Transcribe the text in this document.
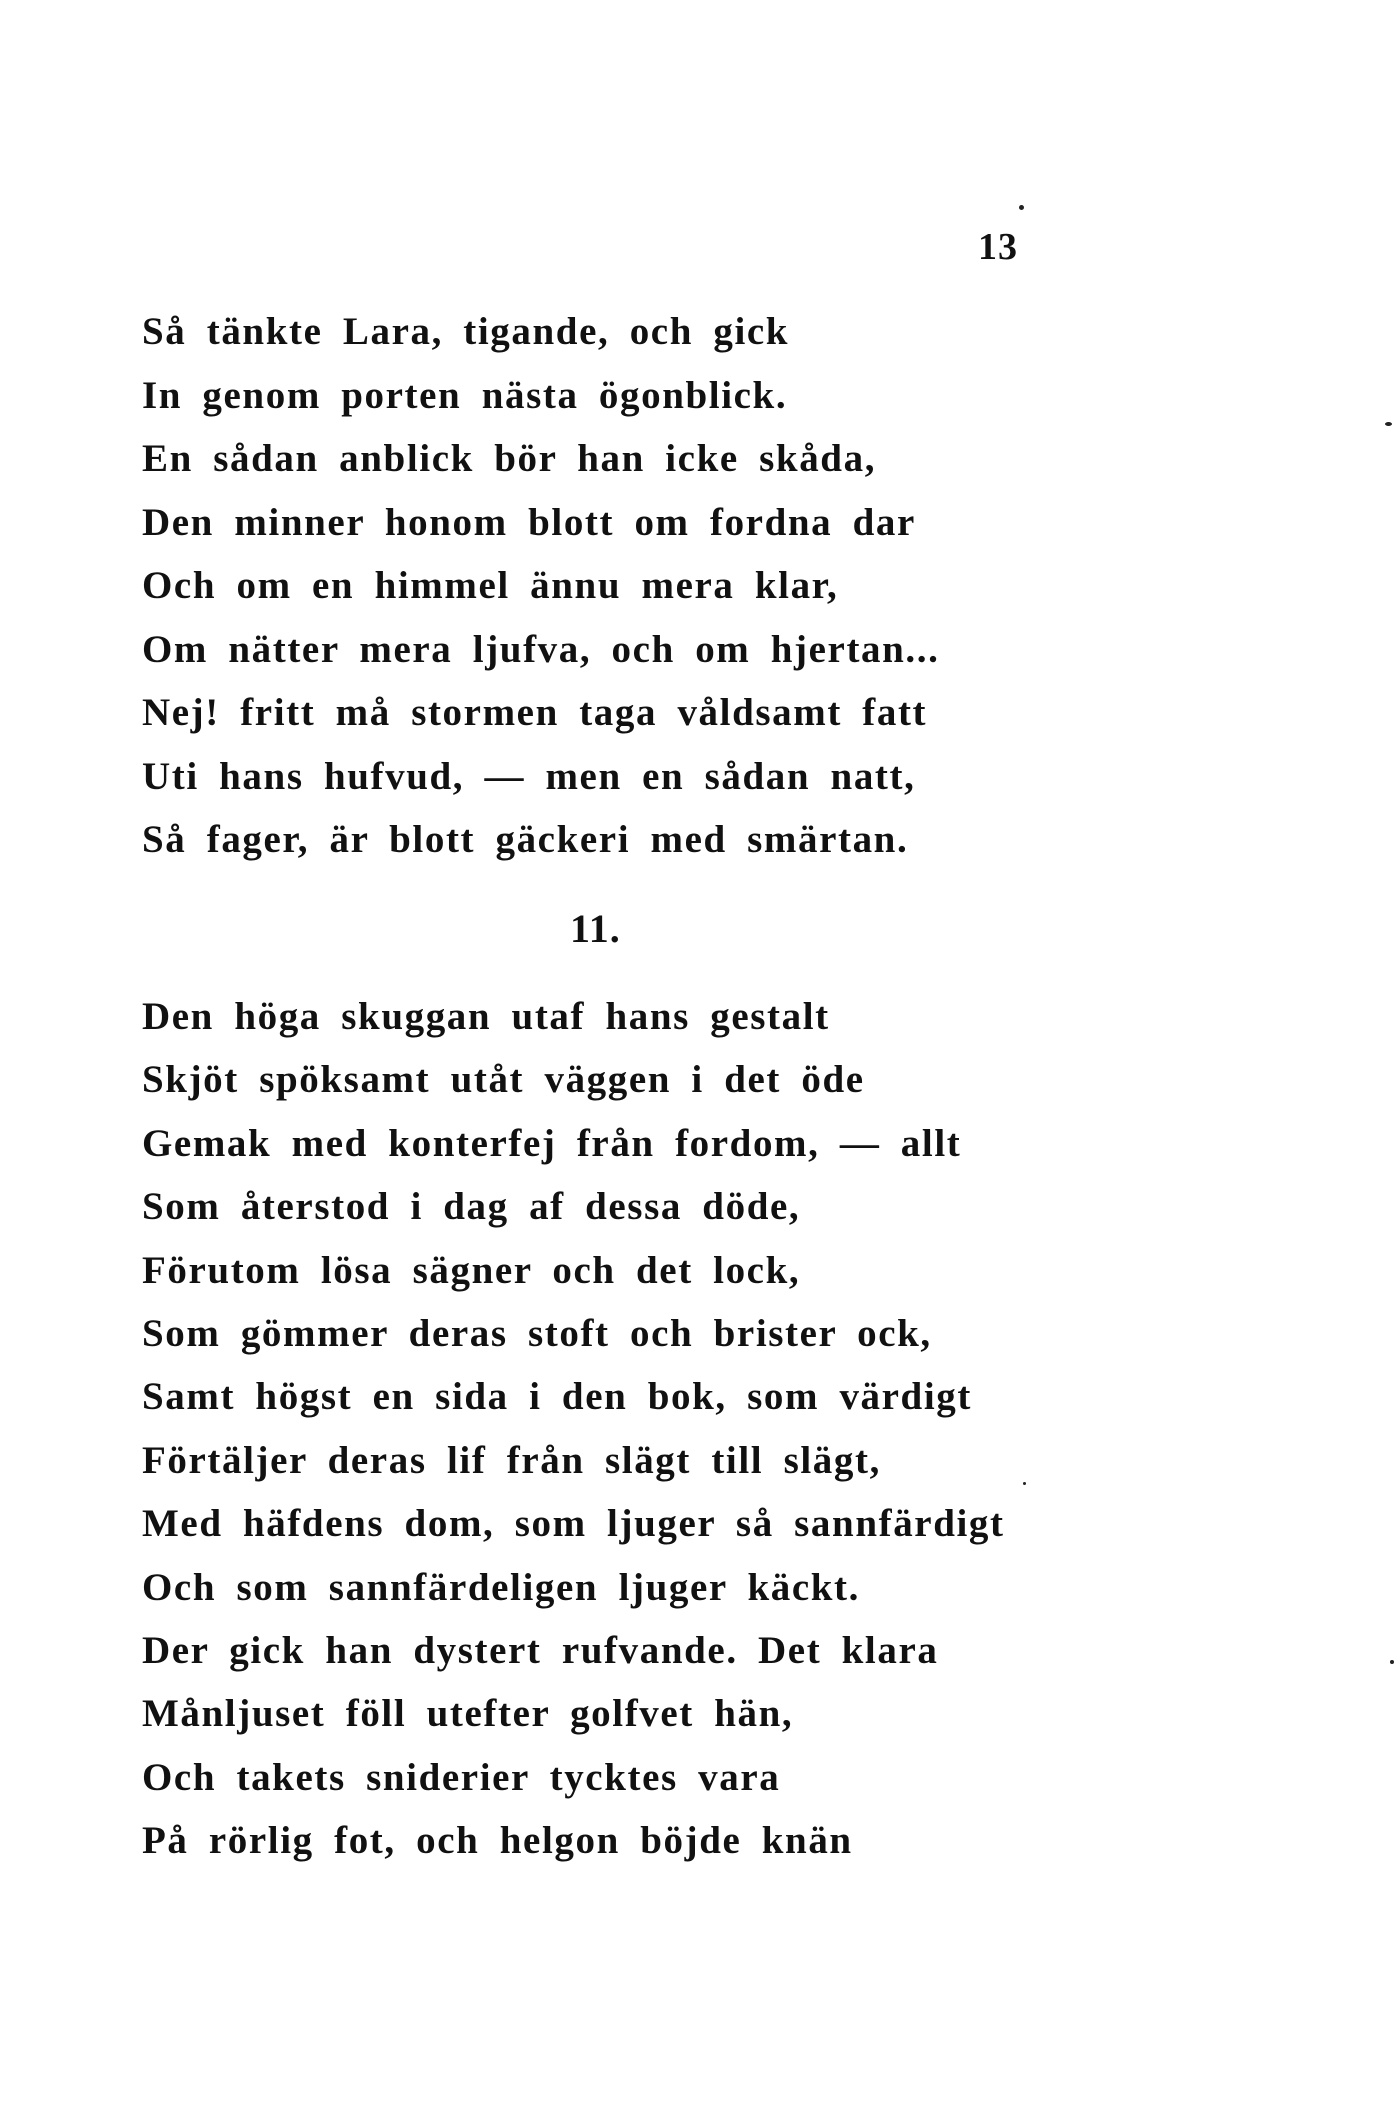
13
Så tänkte Lara, tigande, och gick
In genom porten nästa ögonblick.
En sådan anblick bör han icke skåda,
Den minner honom blott om fordna dar
Och om en himmel ännu mera klar,
Om nätter mera ljufva, och om hjertan...
Nej! fritt må stormen taga våldsamt fatt
Uti hans hufvud, — men en sådan natt,
Så fager, är blott gäckeri med smärtan.
11.
Den höga skuggan utaf hans gestalt
Skjöt spöksamt utåt väggen i det öde
Gemak med konterfej från fordom, — allt
Som återstod i dag af dessa döde,
Förutom lösa sägner och det lock,
Som gömmer deras stoft och brister ock,
Samt högst en sida i den bok, som värdigt
Förtäljer deras lif från slägt till slägt,
Med häfdens dom, som ljuger så sannfärdigt
Och som sannfärdeligen ljuger käckt.
Der gick han dystert rufvande. Det klara
Månljuset föll utefter golfvet hän,
Och takets sniderier tycktes vara
På rörlig fot, och helgon böjde knän
